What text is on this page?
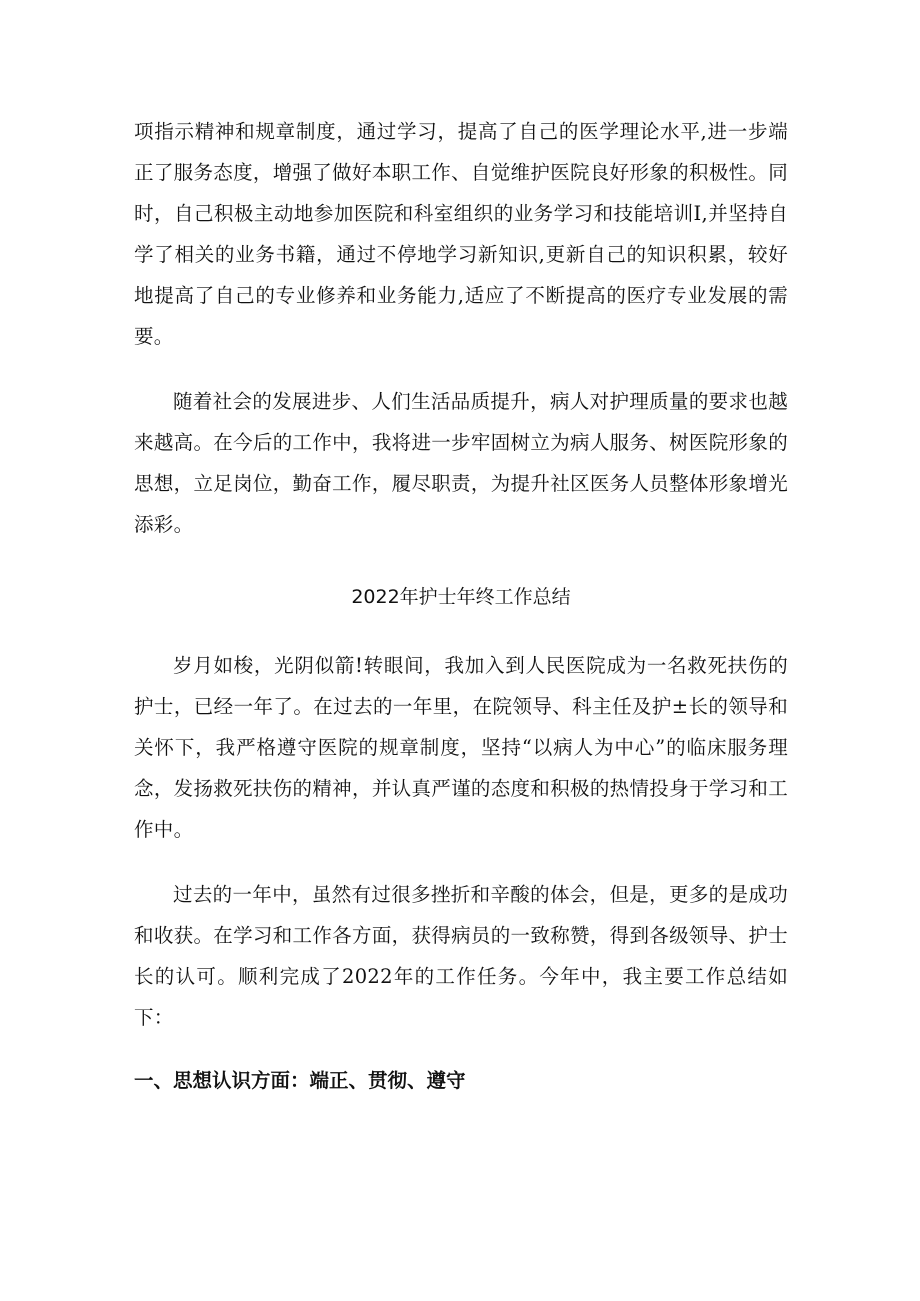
项指示精神和规章制度，通过学习，提高了自己的医学理论水平,进一步端正了服务态度，增强了做好本职工作、自觉维护医院良好形象的积极性。同时，自己积极主动地参加医院和科室组织的业务学习和技能培训I,并坚持自学了相关的业务书籍，通过不停地学习新知识,更新自己的知识积累，较好地提高了自己的专业修养和业务能力,适应了不断提高的医疗专业发展的需要。

随着社会的发展进步、人们生活品质提升，病人对护理质量的要求也越来越高。在今后的工作中，我将进一步牢固树立为病人服务、树医院形象的思想，立足岗位，勤奋工作，履尽职责，为提升社区医务人员整体形象增光添彩。

2022年护士年终工作总结

岁月如梭，光阴似箭!转眼间，我加入到人民医院成为一名救死扶伤的护士，已经一年了。在过去的一年里，在院领导、科主任及护±长的领导和关怀下，我严格遵守医院的规章制度，坚持“以病人为中心”的临床服务理念，发扬救死扶伤的精神，并认真严谨的态度和积极的热情投身于学习和工作中。

过去的一年中，虽然有过很多挫折和辛酸的体会，但是，更多的是成功和收获。在学习和工作各方面，获得病员的一致称赞，得到各级领导、护士长的认可。顺利完成了2022年的工作任务。今年中，我主要工作总结如下：

一、思想认识方面：端正、贯彻、遵守
